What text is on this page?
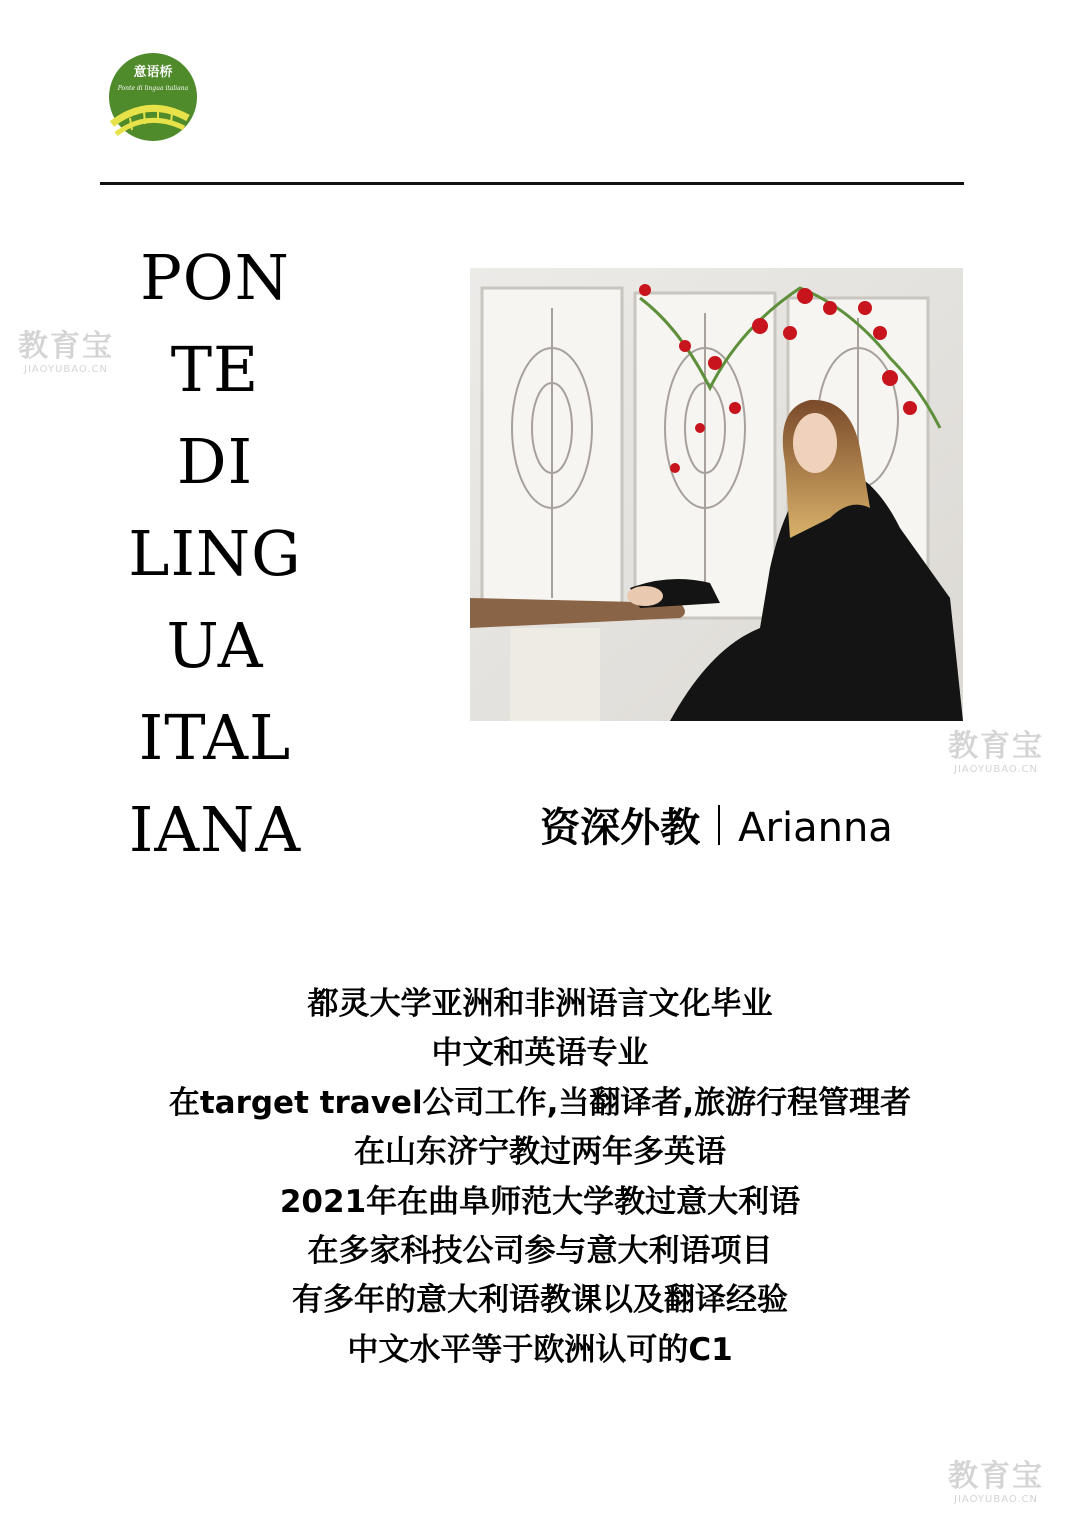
意语桥
Ponte di lingua italiana
PON
TE
DI
LING
UA
ITAL
IANA	资深外教 Arianna
都灵大学亚洲和非洲语言文化毕业
中文和英语专业
在target travel公司工作,当翻译者,旅游行程管理者
在山东济宁教过两年多英语
2021年在曲阜师范大学教过意大利语
在多家科技公司参与意大利语项目
有多年的意大利语教课以及翻译经验
中文水平等于欧洲认可的C1
教育宝
JIAOYUBAO.CN
教育宝
JIAOYUBAO.CN
教育宝
JIAOYUBAO.CN
